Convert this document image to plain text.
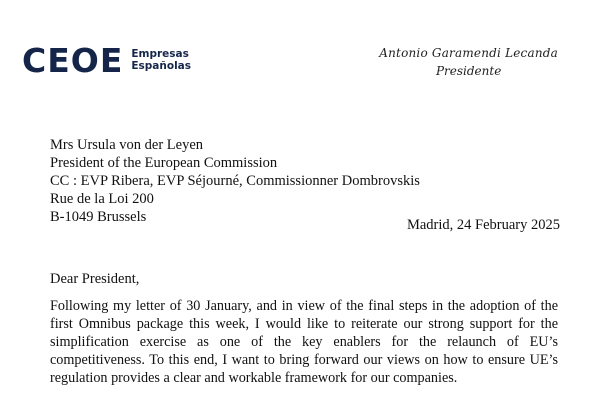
CEOE Empresas
Españolas
Antonio Garamendi Lecanda
Presidente
Mrs Ursula von der Leyen
President of the European Commission
CC : EVP Ribera, EVP Séjourné, Commissionner Dombrovskis
Rue de la Loi 200
B-1049 Brussels	Madrid, 24 February 2025
Dear President,
Following my letter of 30 January, and in view of the final steps in the adoption of the
first Omnibus package this week, I would like to reiterate our strong support for the
simplification exercise as one of the key enablers for the relaunch of EU’s
competitiveness. To this end, I want to bring forward our views on how to ensure UE’s
regulation provides a clear and workable framework for our companies.
